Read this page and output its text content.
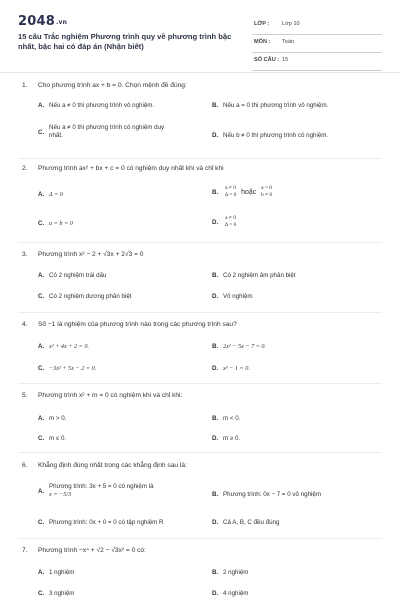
2048.vn
15 câu Trắc nghiệm Phương trình quy về phương trình bậc nhất, bậc hai có đáp án (Nhận biết)
LỚP : Lớp 10
MÔN : Toán
SỐ CÂU : 15
1. Cho phương trình ax + b = 0. Chọn mệnh đề đúng:
A. Nếu a ≠ 0 thì phương trình vô nghiệm.	B. Nếu a = 0 thì phương trình vô nghiệm.
C.Nếu a ≠ 0 thì phương trình có nghiệm duy
nhất.	D. Nếu b ≠ 0 thì phương trình có nghiệm.
2. Phương trình ax² + bx + c = 0 có nghiệm duy nhất khi và chỉ khi
A. Δ = 0	B. a ≠ 0
Δ = 0 hoặc a = 0
b ≠ 0
C. a = b = 0	D. a ≠ 0
Δ = 0
3. Phương trình x² − 2 + √3x + 2√3 = 0
A. Có 2 nghiệm trái dấu	B. Có 2 nghiệm âm phân biệt
C. Có 2 nghiệm dương phân biệt	D. Vô nghiệm
4. Số −1 là nghiệm của phương trình nào trong các phương trình sau?
A. x² + 4x + 2 = 0.	B. 2x² − 5x − 7 = 0.
C. −3x² + 5x − 2 = 0.	D. x³ − 1 = 0.
5. Phương trình x² + m = 0 có nghiệm khi và chỉ khi:
A. m > 0.	B. m < 0.
C. m ≤ 0.	D. m ≥ 0.
6. Khẳng định đúng nhất trong các khẳng định sau là:
A.Phương trình: 3x + 5 = 0 có nghiệm là
x = −5/3	B. Phương trình: 0x − 7 = 0 vô nghiệm
C. Phương trình: 0x + 0 = 0 có tập nghiệm R	D. Cả A, B, C đều đúng
7. Phương trình −x⁴ + √2 − √3x² = 0 có:
A. 1 nghiệm	B. 2 nghiệm
C. 3 nghiệm	D. 4 nghiệm
